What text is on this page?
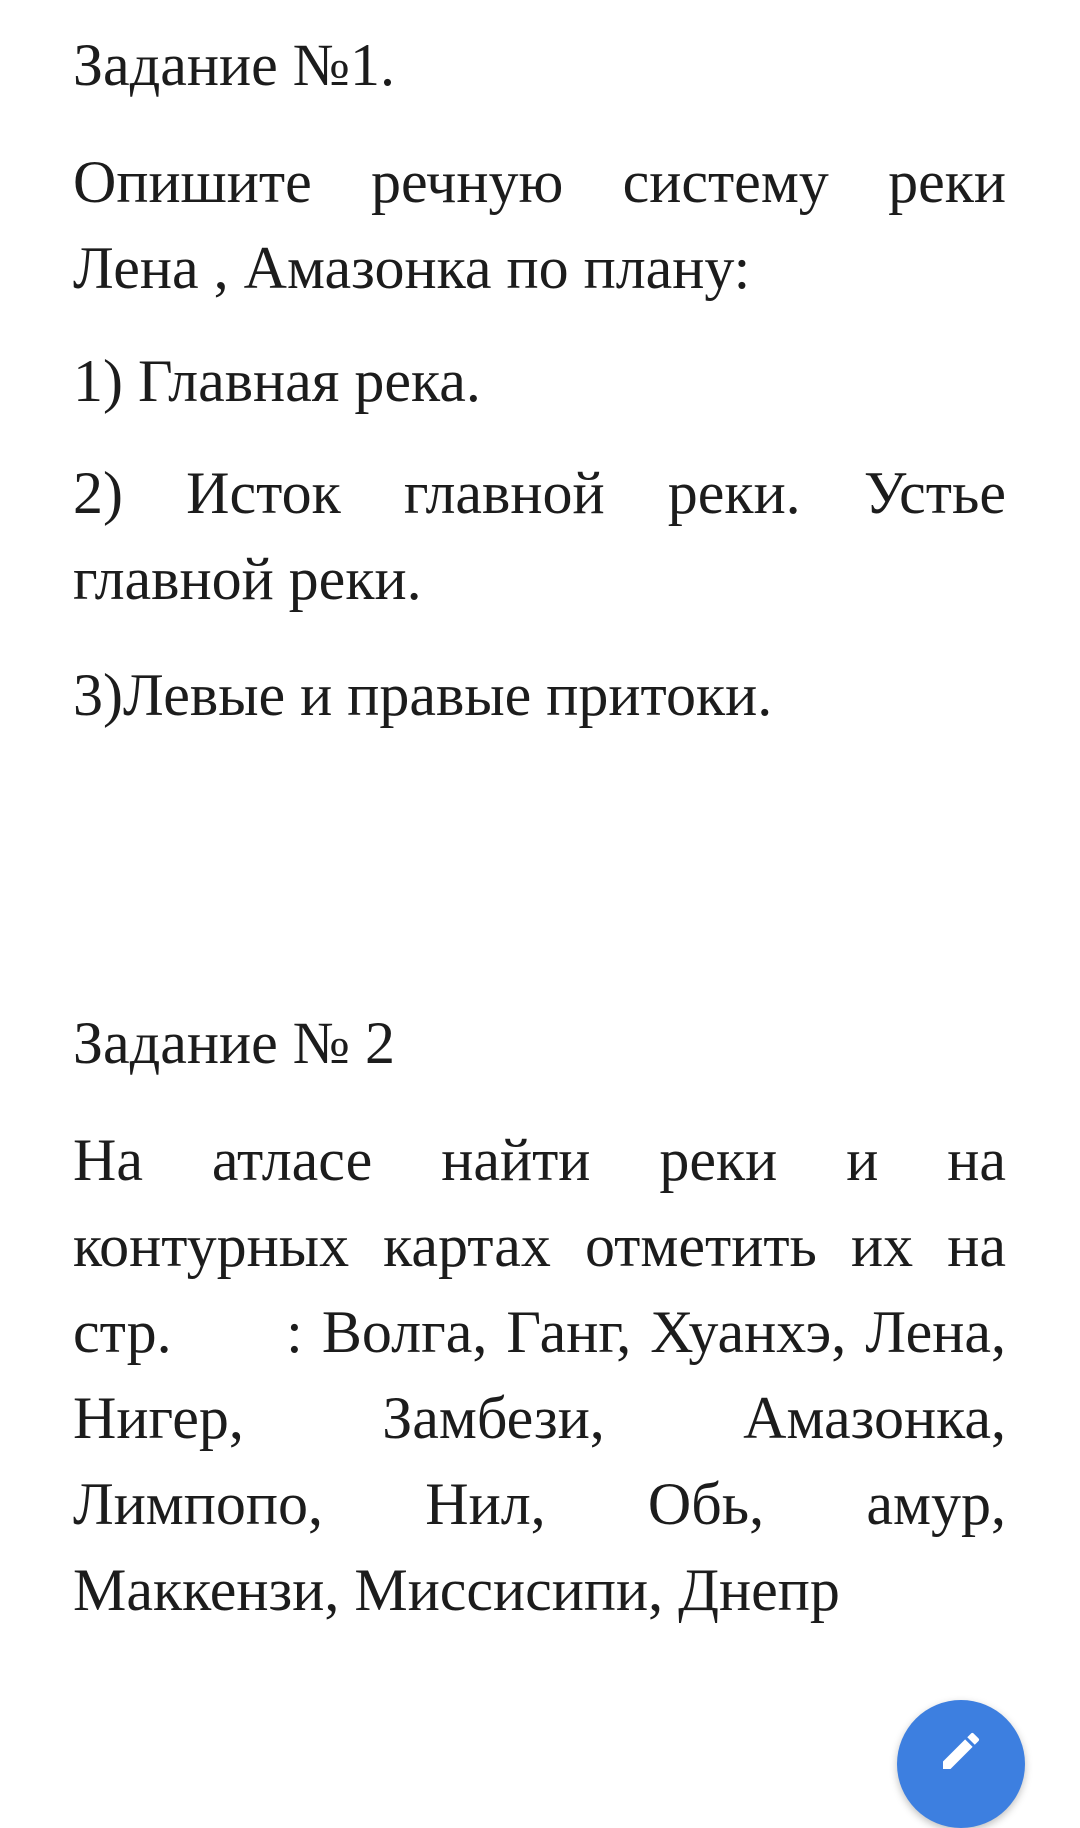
Задание №1.

Опишите речную систему реки Лена , Амазонка по плану:

1) Главная река.

2) Исток главной реки. Устье главной реки.

3)Левые и правые притоки.

Задание № 2

На атласе найти реки и на контурных картах отметить их на стр.      : Волга, Ганг, Хуанхэ, Лена, Нигер, Замбези, Амазонка, Лимпопо, Нил, Обь, амур, Маккензи, Миссисипи, Днепр
